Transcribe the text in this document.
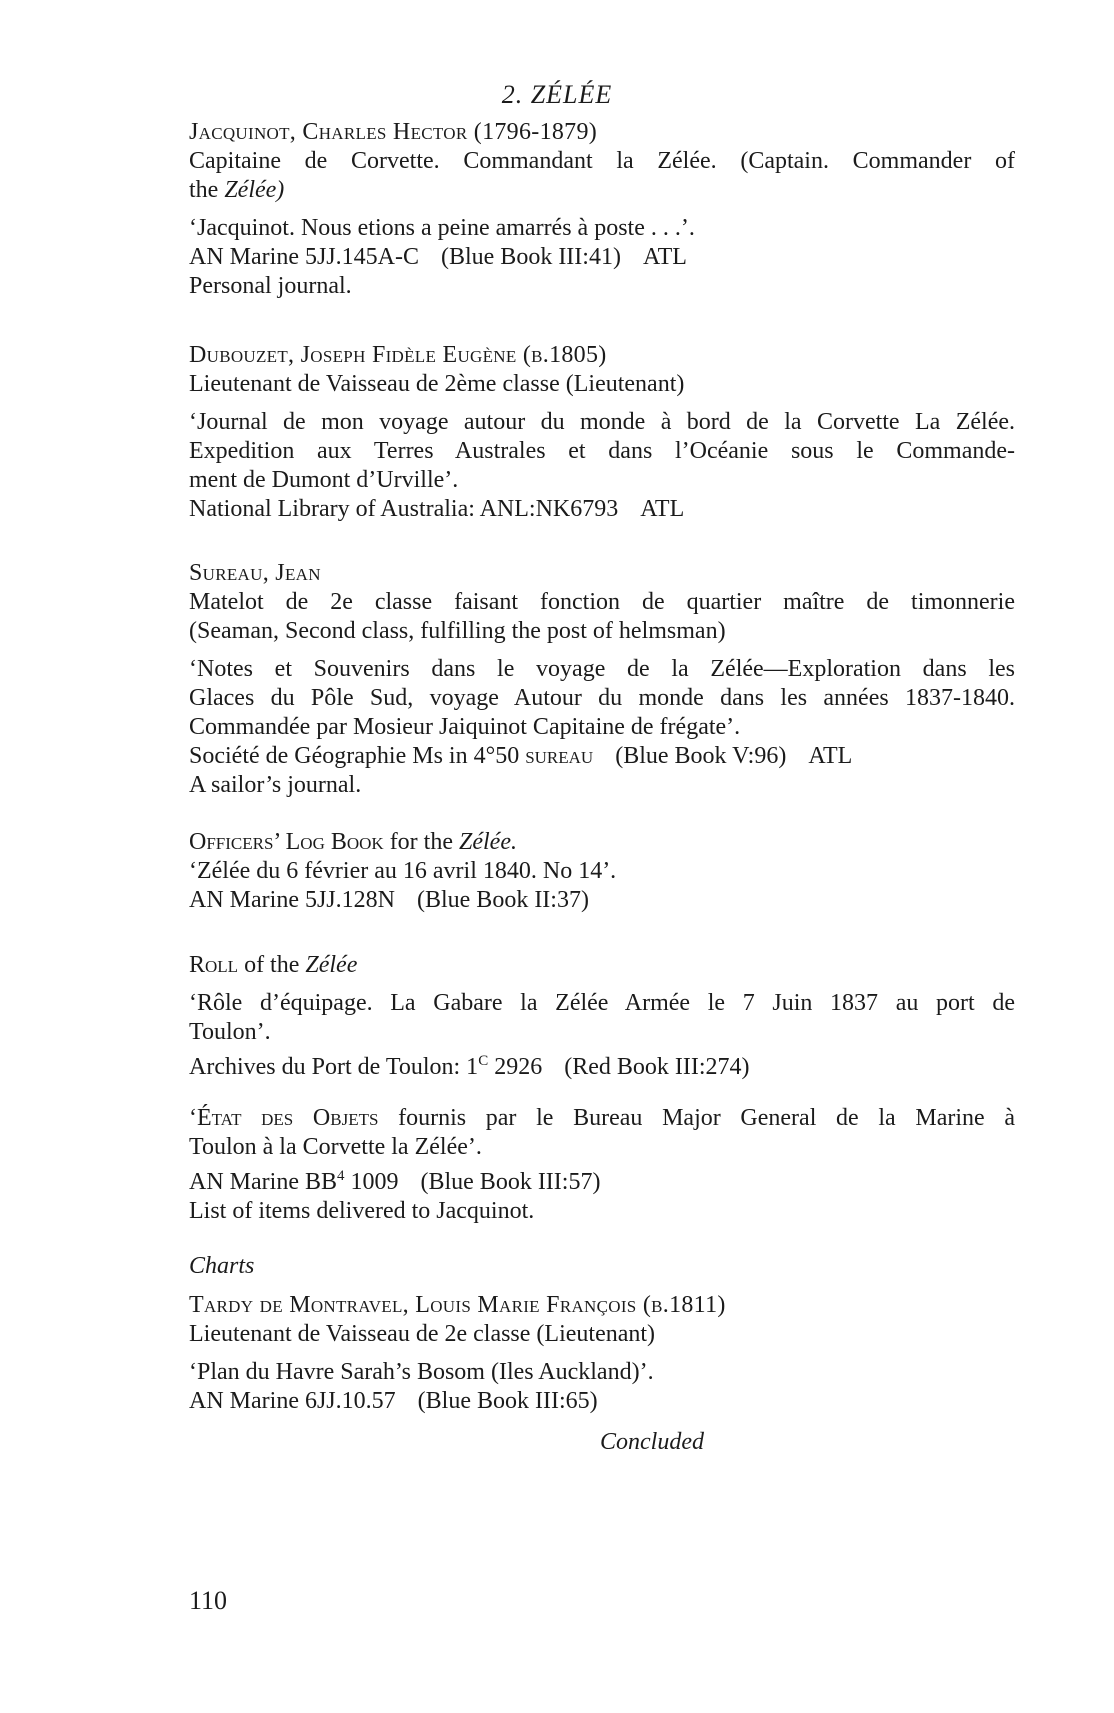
2. ZÉLÉE
Jacquinot, Charles Hector (1796-1879)
Capitaine de Corvette. Commandant la Zélée. (Captain. Commander of
the Zélée)
‘Jacquinot. Nous etions a peine amarrés à poste . . .’.
AN Marine 5JJ.145A-C (Blue Book III:41) ATL
Personal journal.
Dubouzet, Joseph Fidèle Eugène (b.1805)
Lieutenant de Vaisseau de 2ème classe (Lieutenant)
‘Journal de mon voyage autour du monde à bord de la Corvette La Zélée.
Expedition aux Terres Australes et dans l’Océanie sous le Commande-
ment de Dumont d’Urville’.
National Library of Australia: ANL:NK6793 ATL
Sureau, Jean
Matelot de 2e classe faisant fonction de quartier maître de timonnerie
(Seaman, Second class, fulfilling the post of helmsman)
‘Notes et Souvenirs dans le voyage de la Zélée—Exploration dans les
Glaces du Pôle Sud, voyage Autour du monde dans les années 1837-1840.
Commandée par Mosieur Jaiquinot Capitaine de frégate’.
Société de Géographie Ms in 4°50 sureau (Blue Book V:96) ATL
A sailor’s journal.
Officers’ Log Book for the Zélée.
‘Zélée du 6 février au 16 avril 1840. No 14’.
AN Marine 5JJ.128N (Blue Book II:37)
Roll of the Zélée
‘Rôle d’équipage. La Gabare la Zélée Armée le 7 Juin 1837 au port de
Toulon’.
Archives du Port de Toulon: $1^C$ 2926 (Red Book III:274)
‘État des Objets fournis par le Bureau Major General de la Marine à
Toulon à la Corvette la Zélée’.
AN Marine $BB^4$ 1009 (Blue Book III:57)
List of items delivered to Jacquinot.
Charts
Tardy de Montravel, Louis Marie François (b.1811)
Lieutenant de Vaisseau de 2e classe (Lieutenant)
‘Plan du Havre Sarah’s Bosom (Iles Auckland)’.
AN Marine 6JJ.10.57 (Blue Book III:65)
Concluded
110
